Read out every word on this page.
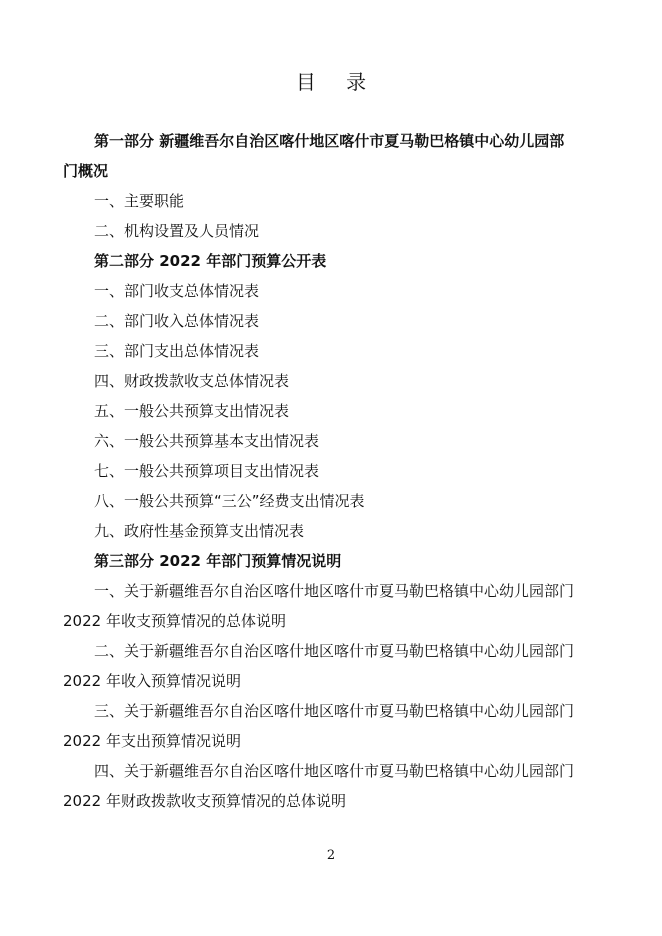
目 录
第一部分 新疆维吾尔自治区喀什地区喀什市夏马勒巴格镇中心幼儿园部
门概况
一、主要职能
二、机构设置及人员情况
第二部分 2022 年部门预算公开表
一、部门收支总体情况表
二、部门收入总体情况表
三、部门支出总体情况表
四、财政拨款收支总体情况表
五、一般公共预算支出情况表
六、一般公共预算基本支出情况表
七、一般公共预算项目支出情况表
八、一般公共预算“三公”经费支出情况表
九、政府性基金预算支出情况表
第三部分 2022 年部门预算情况说明
一、关于新疆维吾尔自治区喀什地区喀什市夏马勒巴格镇中心幼儿园部门
2022 年收支预算情况的总体说明
二、关于新疆维吾尔自治区喀什地区喀什市夏马勒巴格镇中心幼儿园部门
2022 年收入预算情况说明
三、关于新疆维吾尔自治区喀什地区喀什市夏马勒巴格镇中心幼儿园部门
2022 年支出预算情况说明
四、关于新疆维吾尔自治区喀什地区喀什市夏马勒巴格镇中心幼儿园部门
2022 年财政拨款收支预算情况的总体说明
2
